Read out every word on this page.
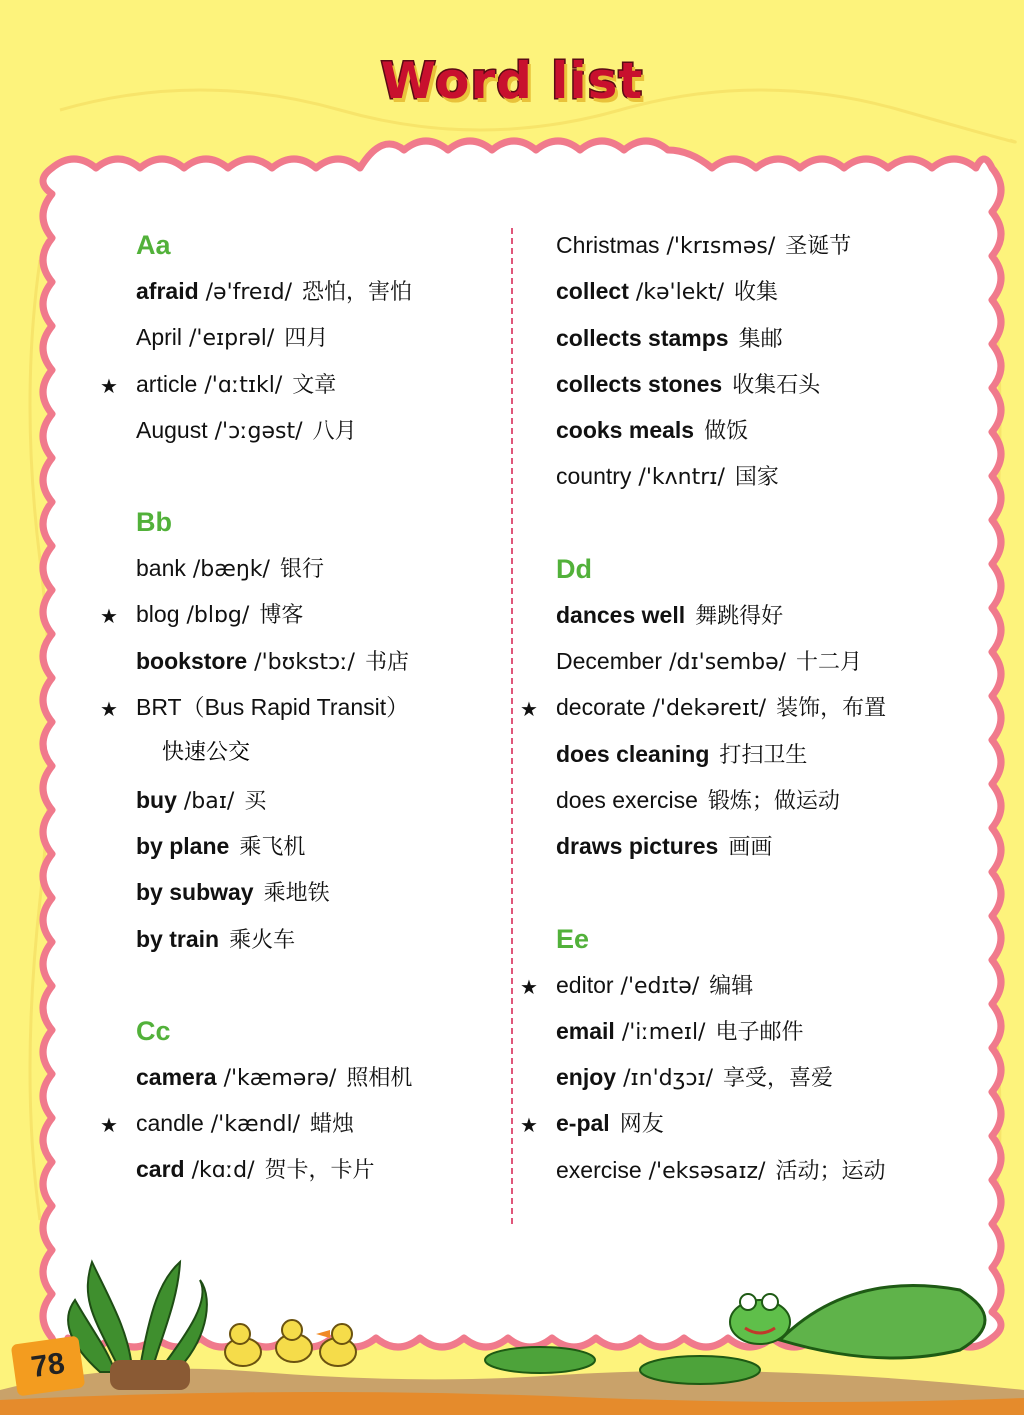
Word list
Aa
afraid /ə'freɪd/ 恐怕，害怕
April /'eɪprəl/ 四月
★ article /'ɑːtɪkl/ 文章
August /'ɔːgəst/ 八月
Bb
bank /bæŋk/ 银行
★ blog /blɒg/ 博客
bookstore /'bʊkstɔː/ 书店
★ BRT（Bus Rapid Transit）
快速公交
buy /baɪ/ 买
by plane 乘飞机
by subway 乘地铁
by train 乘火车
Cc
camera /'kæmərə/ 照相机
★ candle /'kændl/ 蜡烛
card /kɑːd/ 贺卡，卡片
Christmas /'krɪsməs/ 圣诞节
collect /kə'lekt/ 收集
collects stamps 集邮
collects stones 收集石头
cooks meals 做饭
country /'kʌntrɪ/ 国家
Dd
dances well 舞跳得好
December /dɪ'sembə/ 十二月
★ decorate /'dekəreɪt/ 装饰，布置
does cleaning 打扫卫生
does exercise 锻炼；做运动
draws pictures 画画
Ee
★ editor /'edɪtə/ 编辑
email /'iːmeɪl/ 电子邮件
enjoy /ɪn'dʒɔɪ/ 享受，喜爱
★ e-pal 网友
exercise /'eksəsaɪz/ 活动；运动
78
